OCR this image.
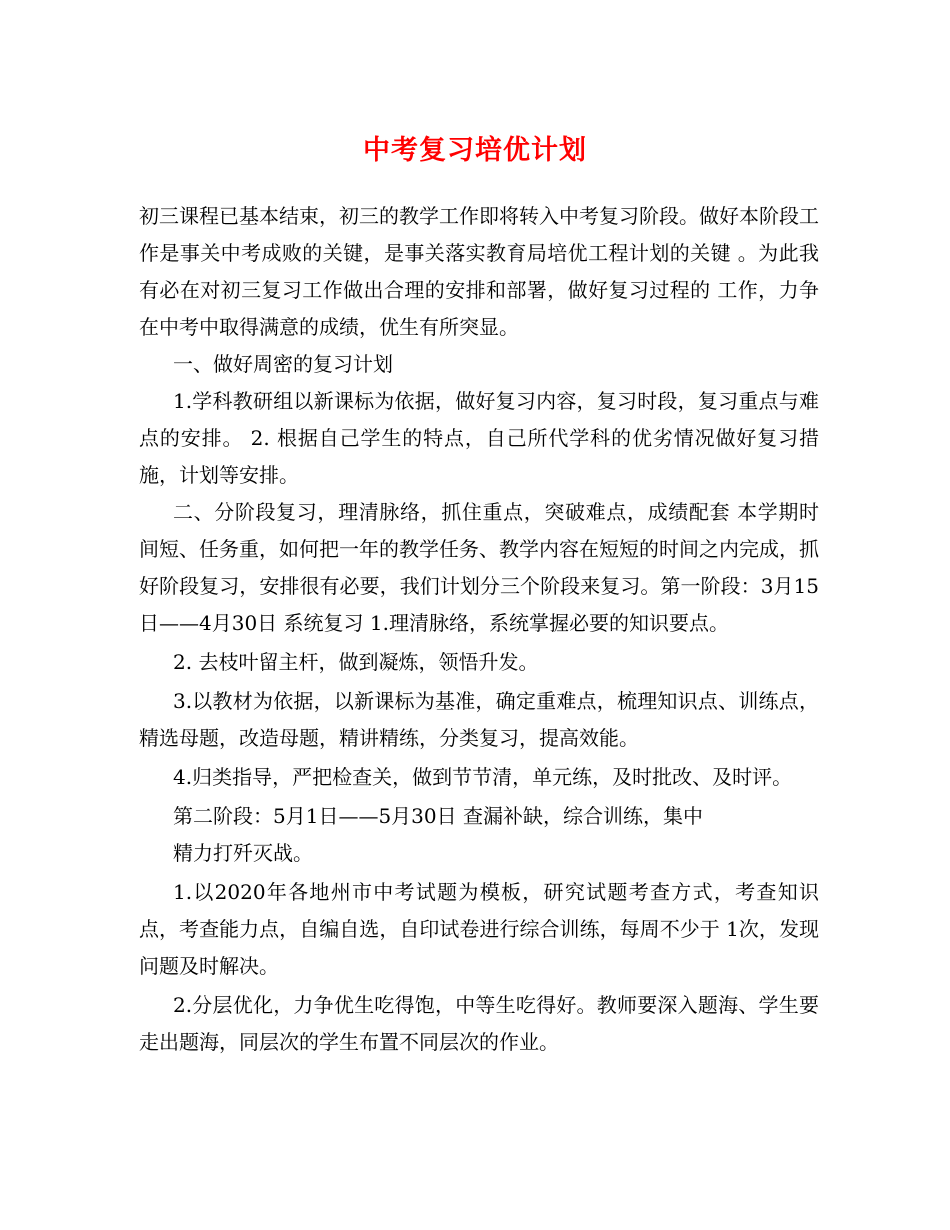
中考复习培优计划

初三课程已基本结束，初三的教学工作即将转入中考复习阶段。做好本阶段工作是事关中考成败的关键，是事关落实教育局培优工程计划的关键 。为此我 有必在对初三复习工作做出合理的安排和部署，做好复习过程的 工作，力争在中考中取得满意的成绩，优生有所突显。

一、做好周密的复习计划

1.学科教研组以新课标为依据，做好复习内容，复习时段，复习重点与难点的安排。 2. 根据自己学生的特点，自己所代学科的优劣情况做好复习措施，计划等安排。

二、分阶段复习，理清脉络，抓住重点，突破难点，成绩配套 本学期时间短、任务重，如何把一年的教学任务、教学内容在短短的时间之内完成，抓好阶段复习，安排很有必要，我们计划分三个阶段来复习。第一阶段：3月15日——4月30日 系统复习 1.理清脉络，系统掌握必要的知识要点。

2. 去枝叶留主杆，做到凝炼，领悟升发。

3.以教材为依据，以新课标为基准，确定重难点，梳理知识点、训练点，精选母题，改造母题，精讲精练，分类复习，提高效能。

4.归类指导，严把检查关，做到节节清，单元练，及时批改、及时评。

第二阶段：5月1日——5月30日 查漏补缺，综合训练，集中

精力打歼灭战。

1.以2020年各地州市中考试题为模板，研究试题考查方式，考查知识点，考查能力点，自编自选，自印试卷进行综合训练，每周不少于 1次，发现问题及时解决。

2.分层优化，力争优生吃得饱，中等生吃得好。教师要深入题海、学生要走出题海，同层次的学生布置不同层次的作业。
